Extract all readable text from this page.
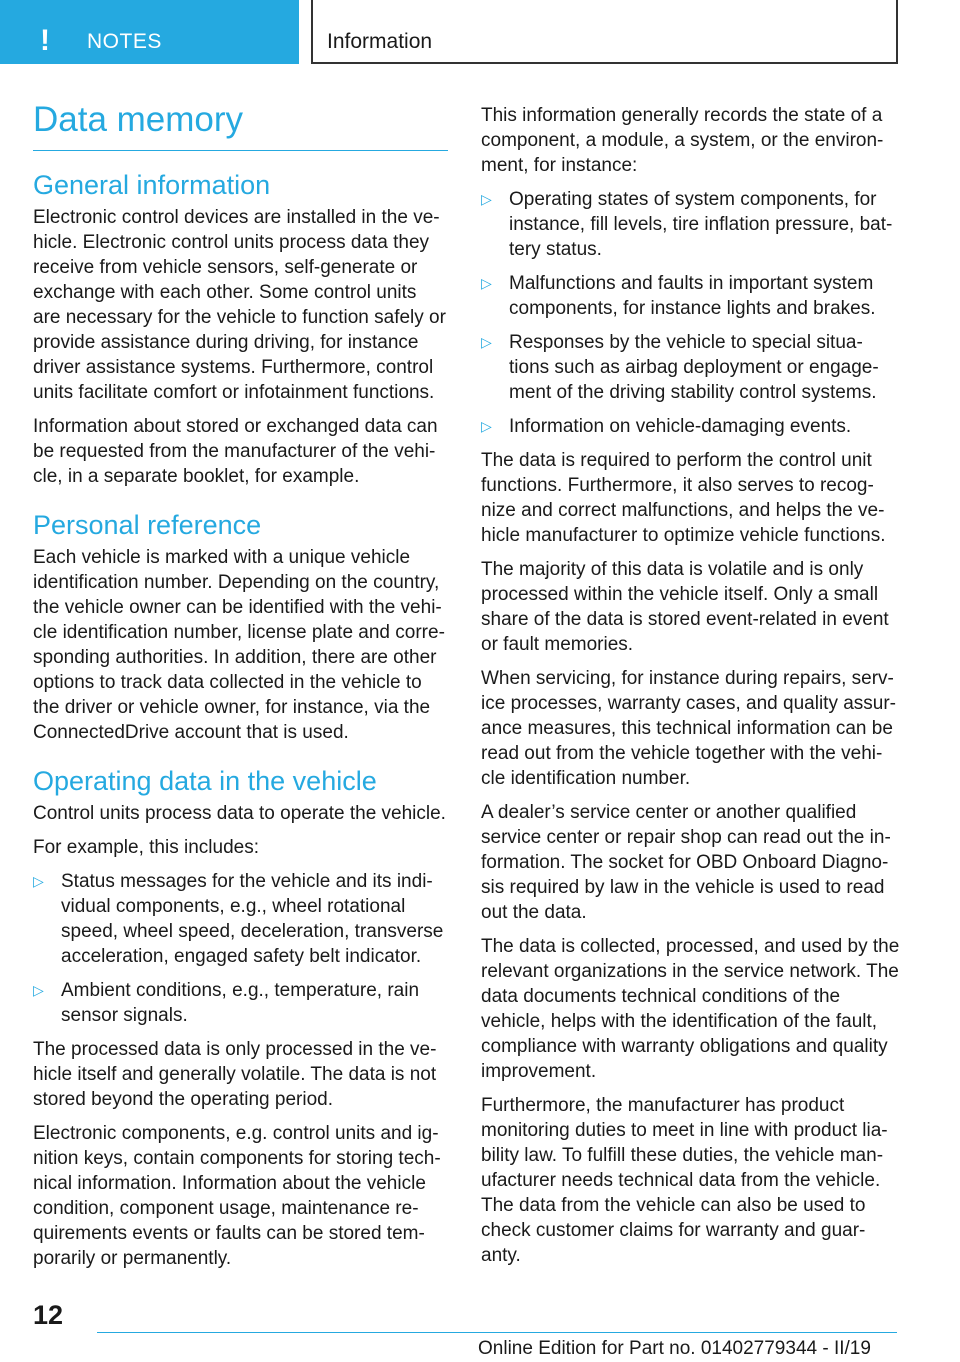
! NOTES	Information
Data memory
General information

Electronic control devices are installed in the ve-hicle. Electronic control units process data they receive from vehicle sensors, self-generate or exchange with each other. Some control units are necessary for the vehicle to function safely or provide assistance during driving, for instance driver assistance systems. Furthermore, control units facilitate comfort or infotainment functions.

Information about stored or exchanged data can be requested from the manufacturer of the vehi-cle, in a separate booklet, for example.

Personal reference

Each vehicle is marked with a unique vehicle identification number. Depending on the country, the vehicle owner can be identified with the vehi-cle identification number, license plate and corre-sponding authorities. In addition, there are other options to track data collected in the vehicle to the driver or vehicle owner, for instance, via the ConnectedDrive account that is used.

Operating data in the vehicle

Control units process data to operate the vehicle.

For example, this includes:

▷ Status messages for the vehicle and its indi-vidual components, e.g., wheel rotational speed, wheel speed, deceleration, transverse acceleration, engaged safety belt indicator.
▷ Ambient conditions, e.g., temperature, rain sensor signals.

The processed data is only processed in the ve-hicle itself and generally volatile. The data is not stored beyond the operating period.

Electronic components, e.g. control units and ig-nition keys, contain components for storing tech-nical information. Information about the vehicle condition, component usage, maintenance re-quirements events or faults can be stored tem-porarily or permanently.

This information generally records the state of a component, a module, a system, or the environ-ment, for instance:

▷ Operating states of system components, for instance, fill levels, tire inflation pressure, bat-tery status.
▷ Malfunctions and faults in important system components, for instance lights and brakes.
▷ Responses by the vehicle to special situa-tions such as airbag deployment or engage-ment of the driving stability control systems.
▷ Information on vehicle-damaging events.

The data is required to perform the control unit functions. Furthermore, it also serves to recog-nize and correct malfunctions, and helps the ve-hicle manufacturer to optimize vehicle functions.

The majority of this data is volatile and is only processed within the vehicle itself. Only a small share of the data is stored event-related in event or fault memories.

When servicing, for instance during repairs, serv-ice processes, warranty cases, and quality assur-ance measures, this technical information can be read out from the vehicle together with the vehi-cle identification number.

A dealer’s service center or another qualified service center or repair shop can read out the in-formation. The socket for OBD Onboard Diagno-sis required by law in the vehicle is used to read out the data.

The data is collected, processed, and used by the relevant organizations in the service network. The data documents technical conditions of the vehicle, helps with the identification of the fault, compliance with warranty obligations and quality improvement.

Furthermore, the manufacturer has product monitoring duties to meet in line with product lia-bility law. To fulfill these duties, the vehicle man-ufacturer needs technical data from the vehicle. The data from the vehicle can also be used to check customer claims for warranty and guar-anty.

12
Online Edition for Part no. 01402779344 - II/19
